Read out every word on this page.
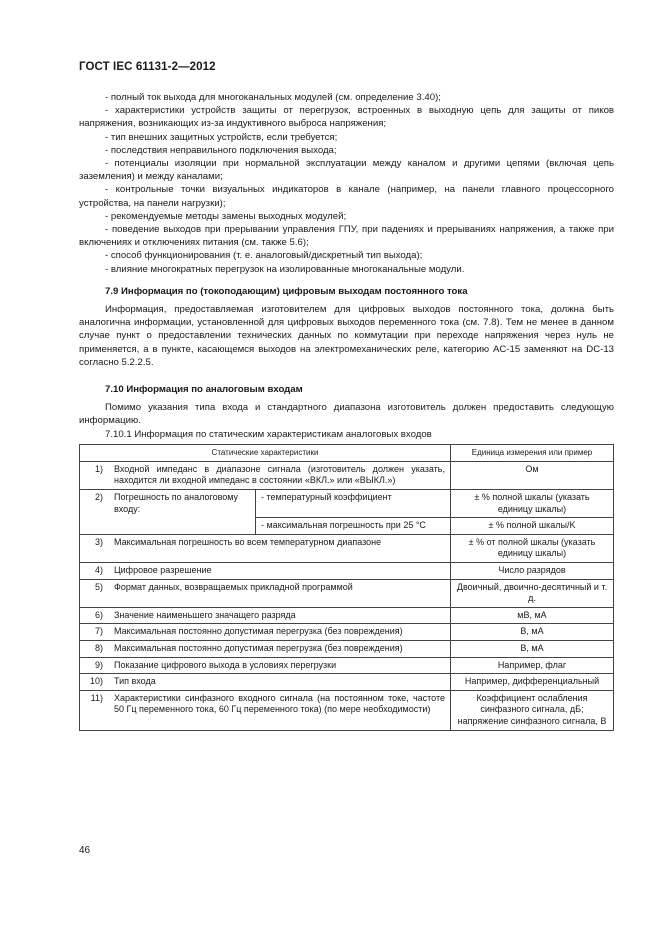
ГОСТ IEC 61131-2—2012

- полный ток выхода для многоканальных модулей (см. определение 3.40);

- характеристики устройств защиты от перегрузок, встроенных в выходную цепь для защиты от пиков напряжения, возникающих из-за индуктивного выброса напряжения;

- тип внешних защитных устройств, если требуется;

- последствия неправильного подключения выхода;

- потенциалы изоляции при нормальной эксплуатации между каналом и другими цепями (включая цепь заземления) и между каналами;

- контрольные точки визуальных индикаторов в канале (например, на панели главного процессорного устройства, на панели нагрузки);

- рекомендуемые методы замены выходных модулей;

- поведение выходов при прерывании управления ГПУ, при падениях и прерываниях напряжения, а также при включениях и отключениях питания (см. также 5.6);

- способ функционирования (т. е. аналоговый/дискретный тип выхода);

- влияние многократных перегрузок на изолированные многоканальные модули.

7.9 Информация по (токоподающим) цифровым выходам постоянного тока

Информация, предоставляемая изготовителем для цифровых выходов постоянного тока, должна быть аналогична информации, установленной для цифровых выходов переменного тока (см. 7.8). Тем не менее в данном случае пункт о предоставлении технических данных по коммутации при переходе напряжения через нуль не применяется, а в пункте, касающемся выходов на электромеханических реле, категорию AC-15 заменяют на DC-13 согласно 5.2.2.5.

7.10 Информация по аналоговым входам

Помимо указания типа входа и стандартного диапазона изготовитель должен предоставить следующую информацию.

7.10.1 Информация по статическим характеристикам аналоговых входов

Статические характеристики			Единица измерения или пример
1)	Входной импеданс в диапазоне сигнала (изготовитель должен указать, находится ли входной импеданс в состоянии «ВКЛ.» или «ВЫКЛ.»)		Ом
2)	Погрешность по аналоговому входу:	- температурный коэффициент	± % полной шкалы (указать единицу шкалы)
		- максимальная погрешность при 25 °С	± % полной шкалы/K
3)	Максимальная погрешность во всем температурном диапазоне		± % от полной шкалы (указать единицу шкалы)
4)	Цифровое разрешение		Число разрядов
5)	Формат данных, возвращаемых прикладной программой		Двоичный, двоично-десятичный и т. д.
6)	Значение наименьшего значащего разряда		мВ, мА
7)	Максимальная постоянно допустимая перегрузка (без повреждения)		В, мА
8)	Максимальная постоянно допустимая перегрузка (без повреждения)		В, мА
9)	Показание цифрового выхода в условиях перегрузки		Например, флаг
10)	Тип входа		Например, дифференциальный
11)	Характеристики синфазного входного сигнала (на постоянном токе, частоте 50 Гц переменного тока, 60 Гц переменного тока) (по мере необходимости)		Коэффициент ослабления синфазного сигнала, дБ; напряжение синфазного сигнала, В
46
